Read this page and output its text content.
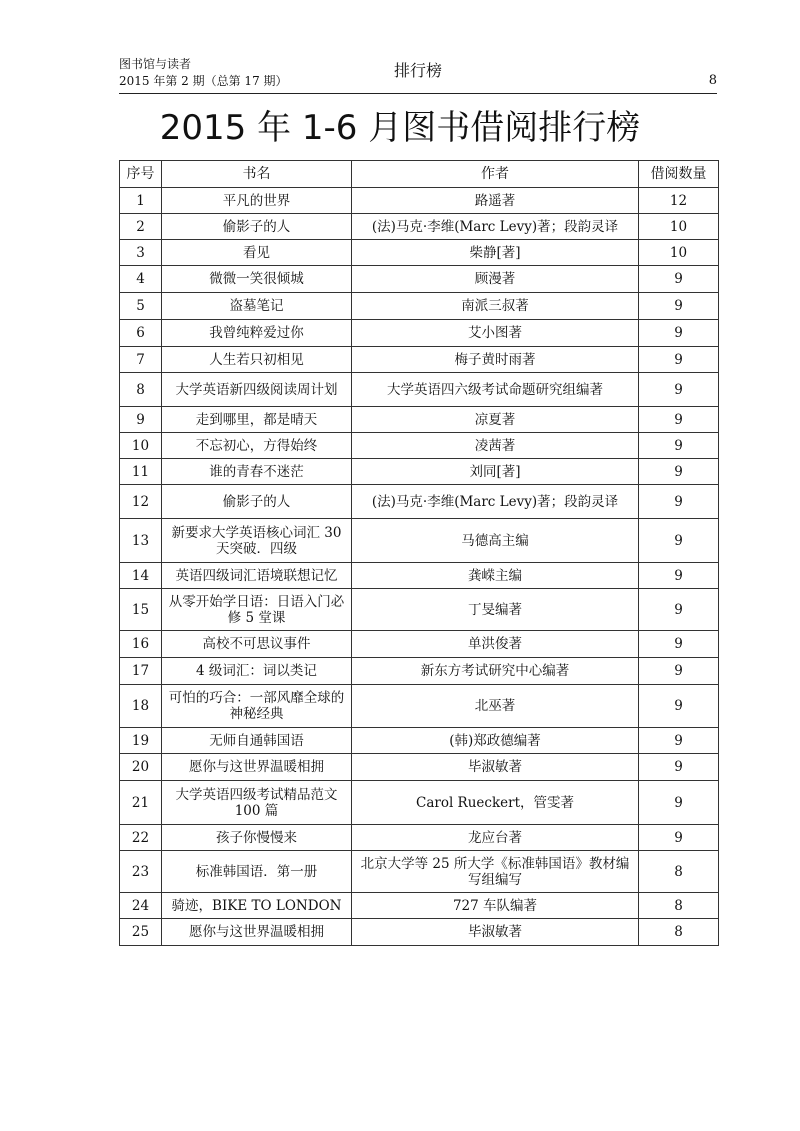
图书馆与读者
2015 年第 2 期（总第 17 期）
排行榜
8
2015 年 1-6 月图书借阅排行榜
序号	书名	作者	借阅数量
1	平凡的世界	路遥著	12
2	偷影子的人	(法)马克·李维(Marc Levy)著；段韵灵译	10
3	看见	柴静[著]	10
4	微微一笑很倾城	顾漫著	9
5	盗墓笔记	南派三叔著	9
6	我曾纯粹爱过你	艾小图著	9
7	人生若只初相见	梅子黄时雨著	9
8	大学英语新四级阅读周计划	大学英语四六级考试命题研究组编著	9
9	走到哪里，都是晴天	凉夏著	9
10	不忘初心，方得始终	凌茜著	9
11	谁的青春不迷茫	刘同[著]	9
12	偷影子的人	(法)马克·李维(Marc Levy)著；段韵灵译	9
13	新要求大学英语核心词汇 30 天突破．四级	马德高主编	9
14	英语四级词汇语境联想记忆	龚嵘主编	9
15	从零开始学日语：日语入门必修 5 堂课	丁旻编著	9
16	高校不可思议事件	单洪俊著	9
17	4 级词汇：词以类记	新东方考试研究中心编著	9
18	可怕的巧合：一部风靡全球的神秘经典	北巫著	9
19	无师自通韩国语	(韩)郑政德编著	9
20	愿你与这世界温暖相拥	毕淑敏著	9
21	大学英语四级考试精品范文 100 篇	Carol Rueckert，管雯著	9
22	孩子你慢慢来	龙应台著	9
23	标准韩国语．第一册	北京大学等 25 所大学《标准韩国语》教材编写组编写	8
24	骑迹，BIKE TO LONDON	727 车队编著	8
25	愿你与这世界温暖相拥	毕淑敏著	8
